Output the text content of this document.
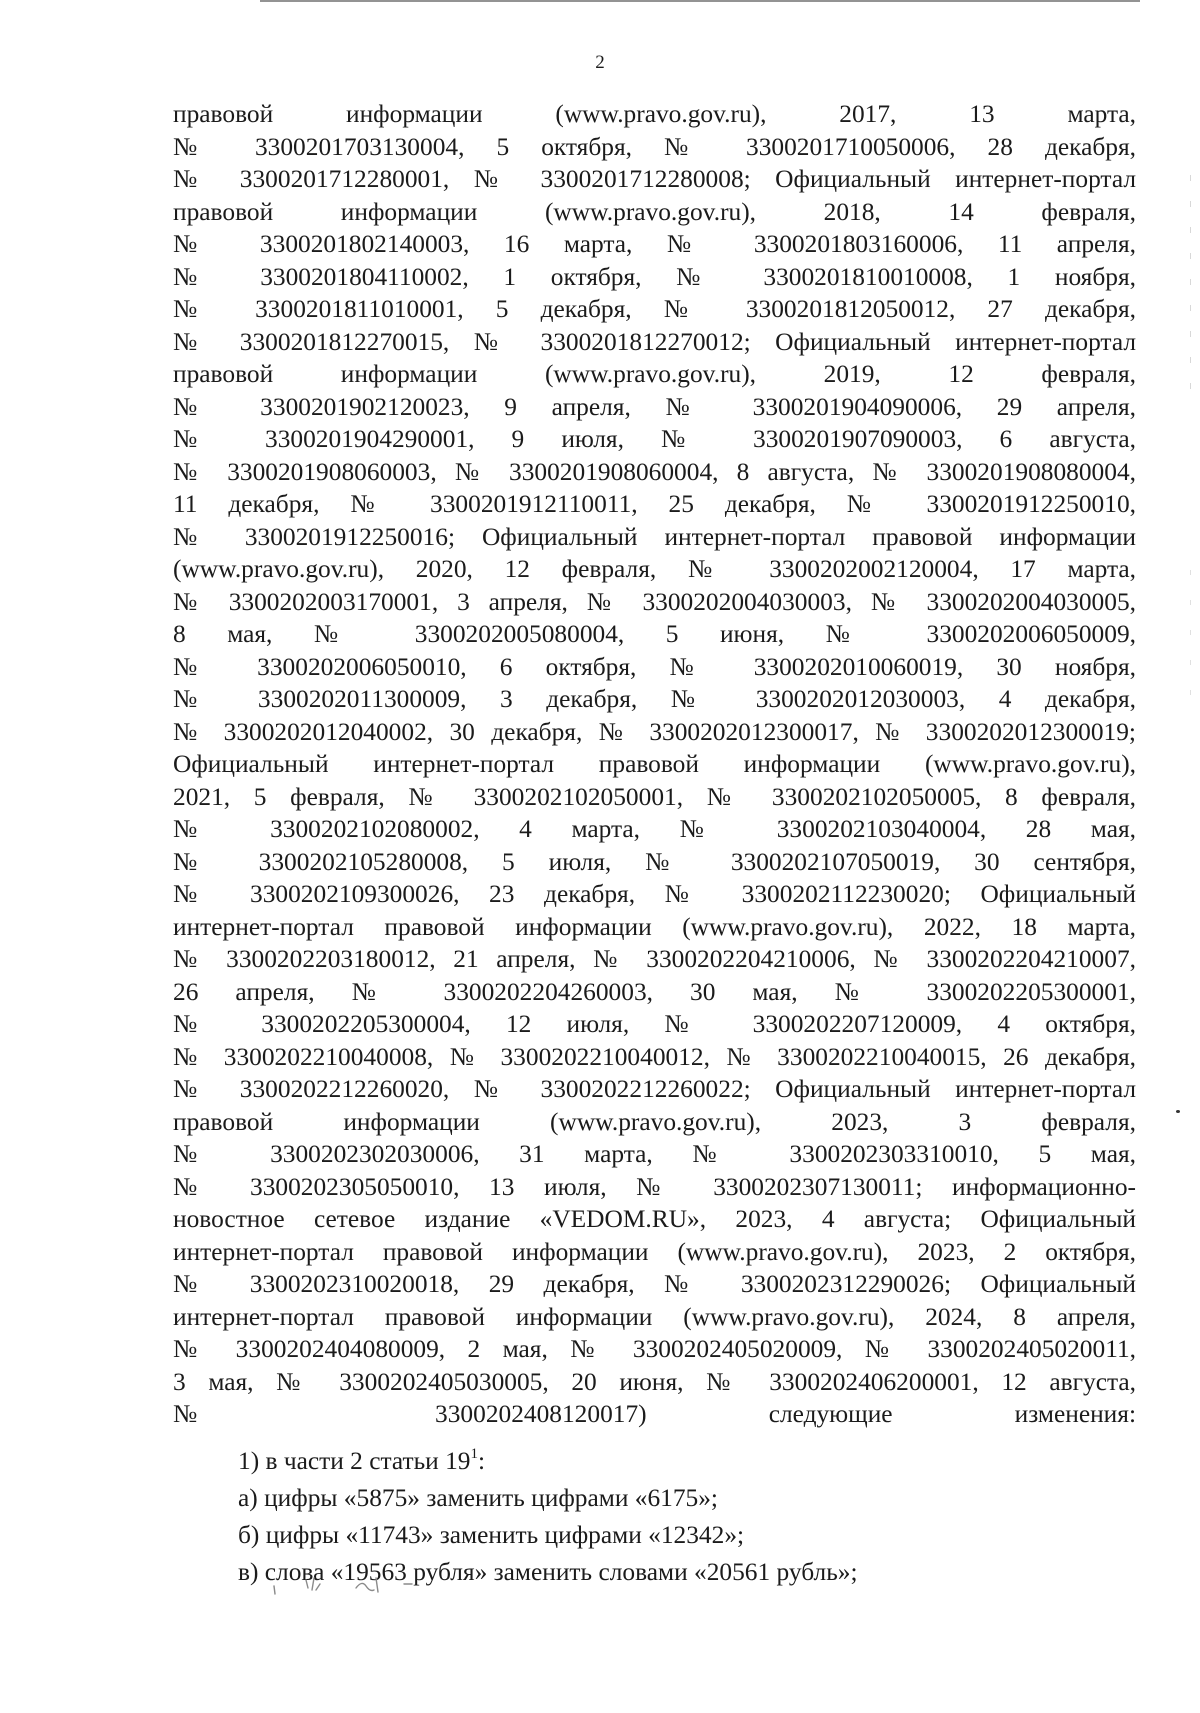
2
правовой информации (www.pravo.gov.ru), 2017, 13 марта,
№ 3300201703130004, 5 октября, № 3300201710050006, 28 декабря,
№ 3300201712280001, № 3300201712280008; Официальный интернет-портал
правовой информации (www.pravo.gov.ru), 2018, 14 февраля,
№ 3300201802140003, 16 марта, № 3300201803160006, 11 апреля,
№ 3300201804110002, 1 октября, № 3300201810010008, 1 ноября,
№ 3300201811010001, 5 декабря, № 3300201812050012, 27 декабря,
№ 3300201812270015, № 3300201812270012; Официальный интернет-портал
правовой информации (www.pravo.gov.ru), 2019, 12 февраля,
№ 3300201902120023, 9 апреля, № 3300201904090006, 29 апреля,
№ 3300201904290001, 9 июля, № 3300201907090003, 6 августа,
№ 3300201908060003, № 3300201908060004, 8 августа, № 3300201908080004,
11 декабря, № 3300201912110011, 25 декабря, № 3300201912250010,
№ 3300201912250016; Официальный интернет-портал правовой информации
(www.pravo.gov.ru), 2020, 12 февраля, № 3300202002120004, 17 марта,
№ 3300202003170001, 3 апреля, № 3300202004030003, № 3300202004030005,
8 мая, № 3300202005080004, 5 июня, № 3300202006050009,
№ 3300202006050010, 6 октября, № 3300202010060019, 30 ноября,
№ 3300202011300009, 3 декабря, № 3300202012030003, 4 декабря,
№ 3300202012040002, 30 декабря, № 3300202012300017, № 3300202012300019;
Официальный интернет-портал правовой информации (www.pravo.gov.ru),
2021, 5 февраля, № 3300202102050001, № 3300202102050005, 8 февраля,
№ 3300202102080002, 4 марта, № 3300202103040004, 28 мая,
№ 3300202105280008, 5 июля, № 3300202107050019, 30 сентября,
№ 3300202109300026, 23 декабря, № 3300202112230020; Официальный
интернет-портал правовой информации (www.pravo.gov.ru), 2022, 18 марта,
№ 3300202203180012, 21 апреля, № 3300202204210006, № 3300202204210007,
26 апреля, № 3300202204260003, 30 мая, № 3300202205300001,
№ 3300202205300004, 12 июля, № 3300202207120009, 4 октября,
№ 3300202210040008, № 3300202210040012, № 3300202210040015, 26 декабря,
№ 3300202212260020, № 3300202212260022; Официальный интернет-портал
правовой информации (www.pravo.gov.ru), 2023, 3 февраля,
№ 3300202302030006, 31 марта, № 3300202303310010, 5 мая,
№ 3300202305050010, 13 июля, № 3300202307130011; информационно-
новостное сетевое издание «VEDOM.RU», 2023, 4 августа; Официальный
интернет-портал правовой информации (www.pravo.gov.ru), 2023, 2 октября,
№ 3300202310020018, 29 декабря, № 3300202312290026; Официальный
интернет-портал правовой информации (www.pravo.gov.ru), 2024, 8 апреля,
№ 3300202404080009, 2 мая, № 3300202405020009, № 3300202405020011,
3 мая, № 3300202405030005, 20 июня, № 3300202406200001, 12 августа,
№ 3300202408120017) следующие изменения:
1) в части 2 статьи $19^1$:
а) цифры «5875» заменить цифрами «6175»;
б) цифры «11743» заменить цифрами «12342»;
в) слова «19563 рубля» заменить словами «20561 рубль»;
